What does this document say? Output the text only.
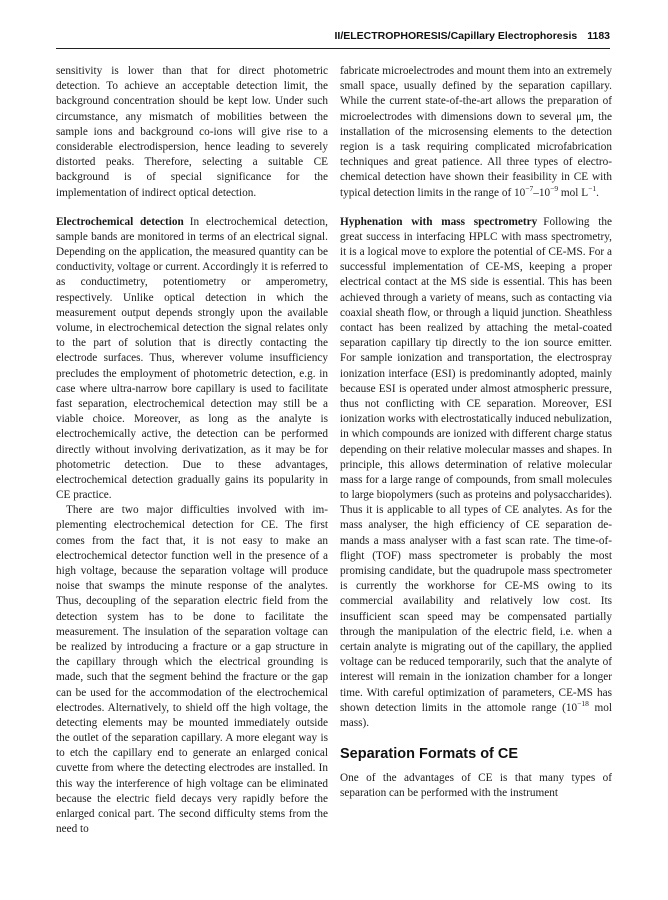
II/ELECTROPHORESIS/Capillary Electrophoresis 1183

sensitivity is lower than that for direct photometric detection. To achieve an acceptable detection limit, the background concentration should be kept low. Under such circumstance, any mismatch of mobilities between the sample ions and background co-ions will give rise to a considerable electrodispersion, hence leading to severely distorted peaks. Therefore, selecting a suitable CE background is of special significance for the implementation of indirect optical detection.

Electrochemical detection In electrochemical detection, sample bands are monitored in terms of an electrical signal. Depending on the application, the measured quantity can be conductivity, voltage or current. Accordingly it is referred to as conductimetry, potentiometry or amperometry, respectively. Unlike optical detection in which the measurement output depends strongly upon the available volume, in electrochemical detection the signal relates only to the part of solution that is directly contacting the electrode surfaces. Thus, wherever volume insufficiency precludes the employment of photometric detection, e.g. in case where ultra-narrow bore capillary is used to facilitate fast separation, electrochemical detection may still be a viable choice. Moreover, as long as the analyte is electrochemically active, the detection can be performed directly without involving derivatization, as it may be for photometric detection. Due to these advantages, electrochemical detection gradually gains its popularity in CE practice.

There are two major difficulties involved with implementing electrochemical detection for CE. The first comes from the fact that, it is not easy to make an electrochemical detector function well in the presence of a high voltage, because the separation voltage will produce noise that swamps the minute response of the analytes. Thus, decoupling of the separation electric field from the detection system has to be done to facilitate the measurement. The insulation of the separation voltage can be realized by introducing a fracture or a gap structure in the capillary through which the electrical grounding is made, such that the segment behind the fracture or the gap can be used for the accommodation of the electrochemical electrodes. Alternatively, to shield off the high voltage, the detecting elements may be mounted immediately outside the outlet of the separation capillary. A more elegant way is to etch the capillary end to generate an enlarged conical cuvette from where the detecting electrodes are installed. In this way the interference of high voltage can be eliminated because the electric field decays very rapidly before the enlarged conical part. The second difficulty stems from the need to

fabricate microelectrodes and mount them into an extremely small space, usually defined by the separation capillary. While the current state-of-the-art allows the preparation of microelectrodes with dimensions down to several μm, the installation of the microsensing elements to the detection region is a task requiring complicated microfabrication techniques and great patience. All three types of electrochemical detection have shown their feasibility in CE with typical detection limits in the range of $10^{-7}-10^{-9}$ mol $L^{-1}$.

Hyphenation with mass spectrometry Following the great success in interfacing HPLC with mass spectrometry, it is a logical move to explore the potential of CE-MS. For a successful implementation of CE-MS, keeping a proper electrical contact at the MS side is essential. This has been achieved through a variety of means, such as contacting via coaxial sheath flow, or through a liquid junction. Sheathless contact has been realized by attaching the metal-coated separation capillary tip directly to the ion source emitter. For sample ionization and transportation, the electrospray ionization interface (ESI) is predominantly adopted, mainly because ESI is operated under almost atmospheric pressure, thus not conflicting with CE separation. Moreover, ESI ionization works with electrostatically induced nebulization, in which compounds are ionized with different charge status depending on their relative molecular masses and shapes. In principle, this allows determination of relative molecular mass for a large range of compounds, from small molecules to large biopolymers (such as proteins and polysaccharides). Thus it is applicable to all types of CE analytes. As for the mass analyser, the high efficiency of CE separation demands a mass analyser with a fast scan rate. The time-of-flight (TOF) mass spectrometer is probably the most promising candidate, but the quadrupole mass spectrometer is currently the workhorse for CE-MS owing to its commercial availability and relatively low cost. Its insufficient scan speed may be compensated partially through the manipulation of the electric field, i.e. when a certain analyte is migrating out of the capillary, the applied voltage can be reduced temporarily, such that the analyte of interest will remain in the ionization chamber for a longer time. With careful optimization of parameters, CE-MS has shown detection limits in the attomole range ($10^{-18}$ mol mass).

Separation Formats of CE

One of the advantages of CE is that many types of separation can be performed with the instrument
